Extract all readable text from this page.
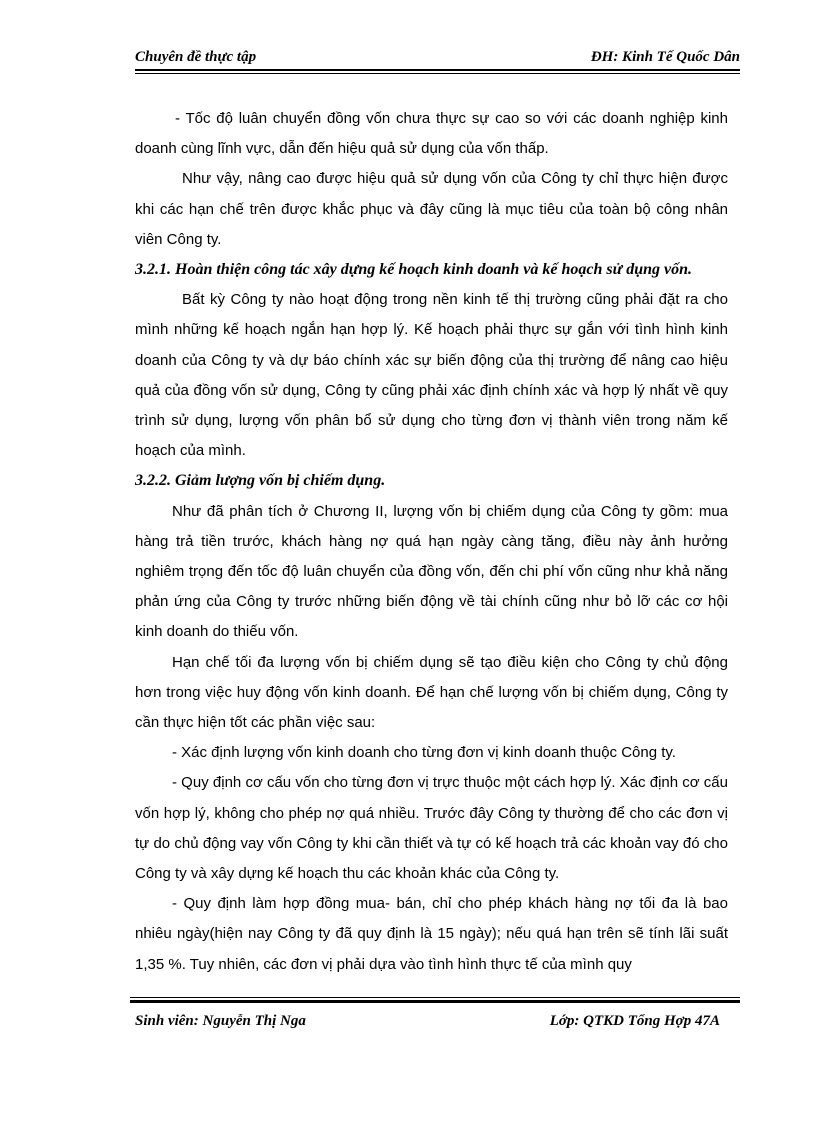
Chuyên đề thực tập	ĐH: Kinh Tế Quốc Dân

- Tốc độ luân chuyển đồng vốn chưa thực sự cao so với các doanh nghiệp kinh doanh cùng lĩnh vực, dẫn đến hiệu quả sử dụng của vốn thấp.

Như vậy, nâng cao được hiệu quả sử dụng vốn của Công ty chỉ thực hiện được khi các hạn chế trên được khắc phục và đây cũng là mục tiêu của toàn bộ công nhân viên Công ty.

3.2.1. Hoàn thiện công tác xây dựng kế hoạch kinh doanh và kế hoạch sử dụng vốn.

Bất kỳ Công ty nào hoạt động trong nền kinh tế thị trường cũng phải đặt ra cho mình những kế hoạch ngắn hạn hợp lý. Kế hoạch phải thực sự gắn với tình hình kinh doanh của Công ty và dự báo chính xác sự biến động của thị trường để nâng cao hiệu quả của đồng vốn sử dụng, Công ty cũng phải xác định chính xác và hợp lý nhất về quy trình sử dụng, lượng vốn phân bổ sử dụng cho từng đơn vị thành viên trong năm kế hoạch của mình.

3.2.2. Giảm lượng vốn bị chiếm dụng.

Như đã phân tích ở Chương II, lượng vốn bị chiếm dụng của Công ty gồm: mua hàng trả tiền trước, khách hàng nợ quá hạn ngày càng tăng, điều này ảnh hưởng nghiêm trọng đến tốc độ luân chuyển của đồng vốn, đến chi phí vốn cũng như khả năng phản ứng của Công ty trước những biến động về tài chính cũng như bỏ lỡ các cơ hội kinh doanh do thiếu vốn.

Hạn chế tối đa lượng vốn bị chiếm dụng sẽ tạo điều kiện cho Công ty chủ động hơn trong việc huy động vốn kinh doanh. Để hạn chế lượng vốn bị chiếm dụng, Công ty cần thực hiện tốt các phần việc sau:

- Xác định lượng vốn kinh doanh cho từng đơn vị kinh doanh thuộc Công ty.

- Quy định cơ cấu vốn cho từng đơn vị trực thuộc một cách hợp lý. Xác định cơ cấu vốn hợp lý, không cho phép nợ quá nhiều. Trước đây Công ty thường để cho các đơn vị tự do chủ động vay vốn Công ty khi cần thiết và tự có kế hoạch trả các khoản vay đó cho Công ty và xây dựng kế hoạch thu các khoản khác của Công ty.

- Quy định làm hợp đồng mua- bán, chỉ cho phép khách hàng nợ tối đa là bao nhiêu ngày(hiện nay Công ty đã quy định là 15 ngày); nếu quá hạn trên sẽ tính lãi suất 1,35 %. Tuy nhiên, các đơn vị phải dựa vào tình hình thực tế của mình quy

Sinh viên: Nguyễn Thị Nga	Lớp: QTKD Tổng Hợp 47A
